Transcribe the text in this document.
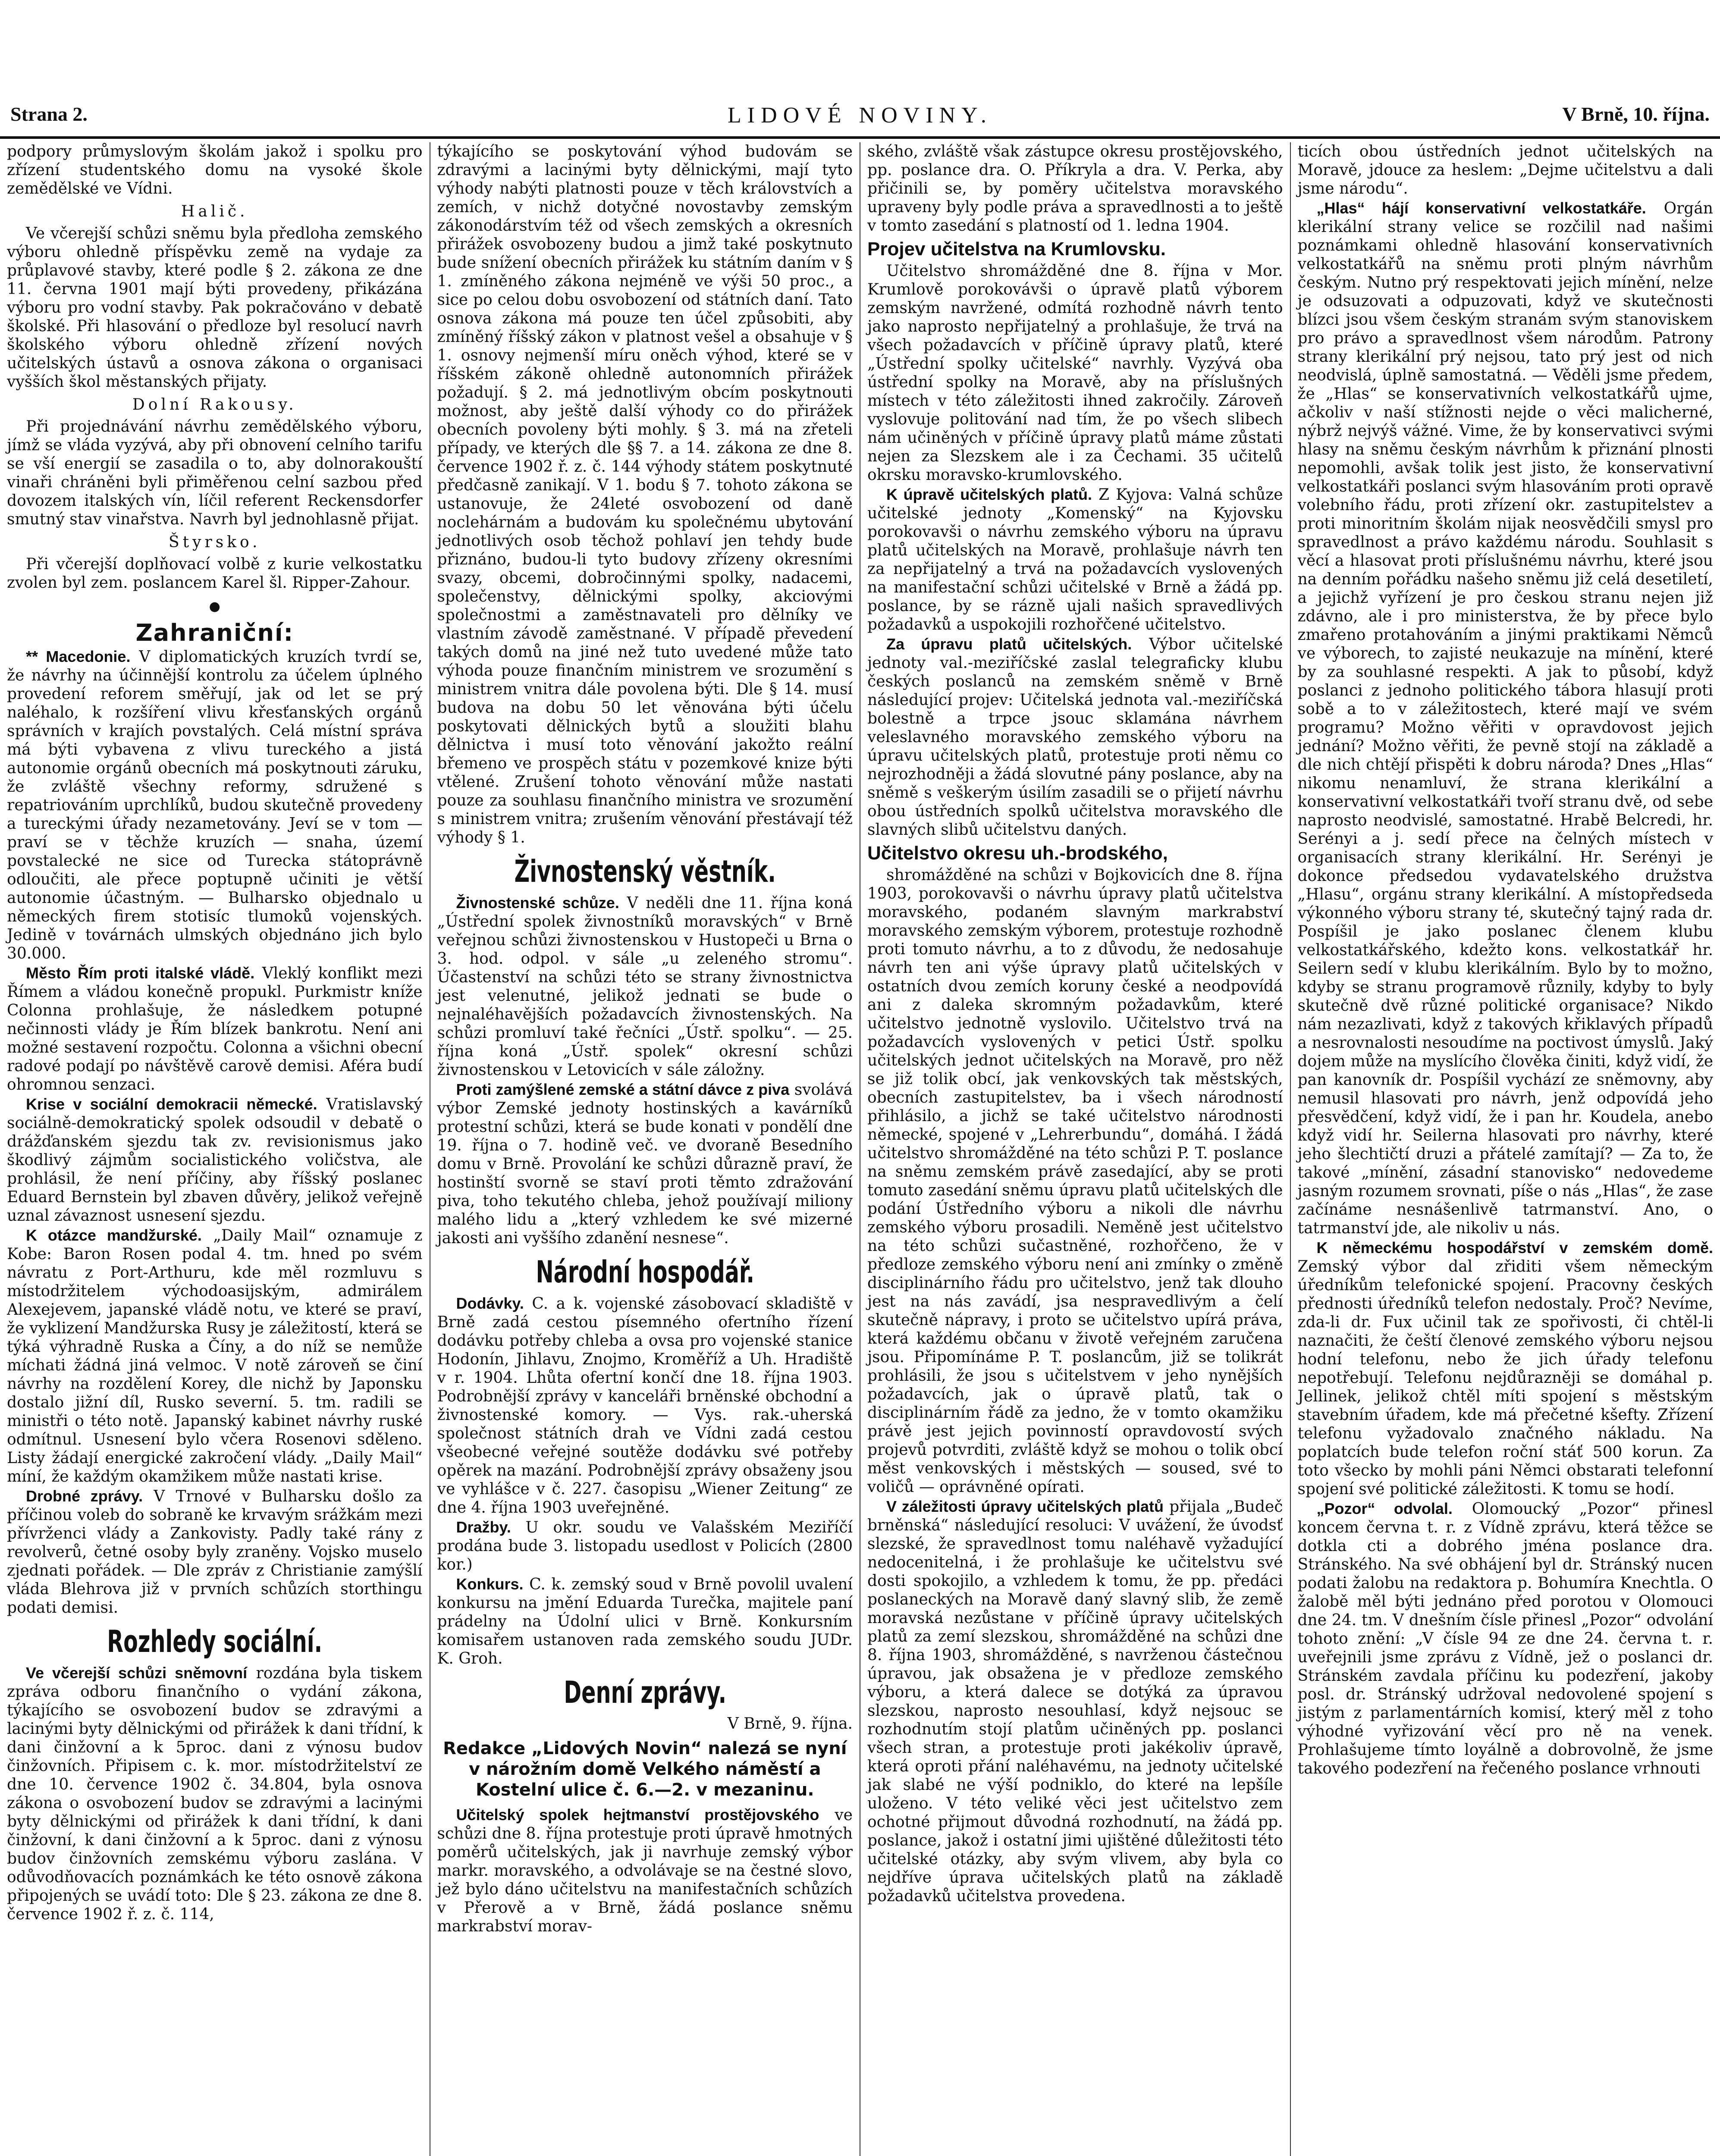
Strana 2.	LIDOVÉ NOVINY.	V Brně, 10. října.

podpory průmyslovým školám jakož i spolku pro zřízení studentského domu na vysoké škole zemědělské ve Vídni.

Halič.

Ve včerejší schůzi sněmu byla předloha zemského výboru ohledně příspěvku země na vydaje za průplavové stavby, které podle § 2. zákona ze dne 11. června 1901 mají býti provedeny, přikázána výboru pro vodní stavby. Pak pokračováno v debatě školské. Při hlasování o předloze byl resolucí navrh školského výboru ohledně zřízení nových učitelských ústavů a osnova zákona o organisaci vyšších škol městanských přijaty.

Dolní Rakousy.

Při projednávání návrhu zemědělského výboru, jímž se vláda vyzývá, aby při obnovení celního tarifu se vší energií se zasadila o to, aby dolnorakouští vinaři chráněni byli přiměřenou celní sazbou před dovozem italských vín, líčil referent Reckensdorfer smutný stav vinařstva. Navrh byl jednohlasně přijat.

Štyrsko.

Při včerejší doplňovací volbě z kurie velkostatku zvolen byl zem. poslancem Karel šl. Ripper-Zahour.

●

Zahraniční:

** Macedonie. V diplomatických kruzích tvrdí se, že návrhy na účinnější kontrolu za účelem úplného provedení reforem směřují, jak od let se prý naléhalo, k rozšíření vlivu křesťanských orgánů správních v krajích povstalých. Celá místní správa má býti vybavena z vlivu tureckého a jistá autonomie orgánů obecních má poskytnouti záruku, že zvláště všechny reformy, sdružené s repatriováním uprchlíků, budou skutečně provedeny a tureckými úřady nezametovány. Jeví se v tom — praví se v těchže kruzích — snaha, území povstalecké ne sice od Turecka státoprávně odloučiti, ale přece poptupně učiniti je větší autonomie účastným. — Bulharsko objednalo u německých firem stotisíc tlumoků vojenských. Jedině v továrnách ulmských objednáno jich bylo 30.000.

Město Řím proti italské vládě. Vleklý konflikt mezi Římem a vládou konečně propukl. Purkmistr kníže Colonna prohlašuje, že následkem potupné nečinnosti vlády je Řím blízek bankrotu. Není ani možné sestavení rozpočtu. Colonna a všichni obecní radové podají po návštěvě carově demisi. Aféra budí ohromnou senzaci.

Krise v sociální demokracii německé. Vratislavský sociálně-demokratický spolek odsoudil v debatě o drážďanském sjezdu tak zv. revisionismus jako škodlivý zájmům socialistického voličstva, ale prohlásil, že není příčiny, aby říšský poslanec Eduard Bernstein byl zbaven důvěry, jelikož veřejně uznal závaznost usnesení sjezdu.

K otázce mandžurské. „Daily Mail“ oznamuje z Kobe: Baron Rosen podal 4. tm. hned po svém návratu z Port-Arthuru, kde měl rozmluvu s místodržitelem východoasijským, admirálem Alexejevem, japanské vládě notu, ve které se praví, že vyklizení Mandžurska Rusy je záležitostí, která se týká výhradně Ruska a Číny, a do níž se nemůže míchati žádná jiná velmoc. V notě zároveň se činí návrhy na rozdělení Korey, dle nichž by Japonsku dostalo jižní díl, Rusko severní. 5. tm. radili se ministři o této notě. Japanský kabinet návrhy ruské odmítnul. Usnesení bylo včera Rosenovi sděleno. Listy žádají energické zakročení vlády. „Daily Mail“ míní, že každým okamžikem může nastati krise.

Drobné zprávy. V Trnové v Bulharsku došlo za příčinou voleb do sobraně ke krvavým srážkám mezi přívrženci vlády a Zankovisty. Padly také rány z revolverů, četné osoby byly zraněny. Vojsko muselo zjednati pořádek. — Dle zpráv z Christianie zamýšlí vláda Blehrova již v prvních schůzích storthingu podati demisi.

Rozhledy sociální.

Ve včerejší schůzi sněmovní rozdána byla tiskem zpráva odboru finančního o vydání zákona, týkajícího se osvobození budov se zdravými a lacinými byty dělnickými od přirážek k dani třídní, k dani činžovní a k 5proc. dani z výnosu budov činžovních. Připisem c. k. mor. místodržitelství ze dne 10. července 1902 č. 34.804, byla osnova zákona o osvobození budov se zdravými a lacinými byty dělnickými od přirážek k dani třídní, k dani činžovní, k dani činžovní a k 5proc. dani z výnosu budov činžovních zemskému výboru zaslána. V odůvodňovacích poznámkách ke této osnově zákona připojených se uvádí toto: Dle § 23. zákona ze dne 8. července 1902 ř. z. č. 114,

týkajícího se poskytování výhod budovám se zdravými a lacinými byty dělnickými, mají tyto výhody nabýti platnosti pouze v těch královstvích a zemích, v nichž dotyčné novostavby zemským zákonodárstvím též od všech zemských a okresních přirážek osvobozeny budou a jimž také poskytnuto bude snížení obecních přirážek ku státním daním v § 1. zmíněného zákona nejméně ve výši 50 proc., a sice po celou dobu osvobození od státních daní. Tato osnova zákona má pouze ten účel způsobiti, aby zmíněný říšský zákon v platnost vešel a obsahuje v § 1. osnovy nejmenší míru oněch výhod, které se v říšském zákoně ohledně autonomních přirážek požadují. § 2. má jednotlivým obcím poskytnouti možnost, aby ještě další výhody co do přirážek obecních povoleny býti mohly. § 3. má na zřeteli případy, ve kterých dle §§ 7. a 14. zákona ze dne 8. července 1902 ř. z. č. 144 výhody státem poskytnuté předčasně zanikají. V 1. bodu § 7. tohoto zákona se ustanovuje, že 24leté osvobození od daně noclehárnám a budovám ku společnému ubytování jednotlivých osob těchož pohlaví jen tehdy bude přiznáno, budou-li tyto budovy zřízeny okresními svazy, obcemi, dobročinnými spolky, nadacemi, společenstvy, dělnickými spolky, akciovými společnostmi a zaměstnavateli pro dělníky ve vlastním závodě zaměstnané. V případě převedení takých domů na jiné než tuto uvedené může tato výhoda pouze finančním ministrem ve srozumění s ministrem vnitra dále povolena býti. Dle § 14. musí budova na dobu 50 let věnována býti účelu poskytovati dělnických bytů a sloužiti blahu dělnictva i musí toto věnování jakožto reální břemeno ve prospěch státu v pozemkové knize býti vtělené. Zrušení tohoto věnování může nastati pouze za souhlasu finančního ministra ve srozumění s ministrem vnitra; zrušením věnování přestávají též výhody § 1.

Živnostenský věstník.

Živnostenské schůze. V neděli dne 11. října koná „Ústřední spolek živnostníků moravských“ v Brně veřejnou schůzi živnostenskou v Hustopeči u Brna o 3. hod. odpol. v sále „u zeleného stromu“. Účastenství na schůzi této se strany živnostnictva jest velenutné, jelikož jednati se bude o nejnaléhavějších požadavcích živnostenských. Na schůzi promluví také řečníci „Ústř. spolku“. — 25. října koná „Ústř. spolek“ okresní schůzi živnostenskou v Letovicích v sále záložny.

Proti zamýšlené zemské a státní dávce z piva svolává výbor Zemské jednoty hostinských a kavárníků protestní schůzi, která se bude konati v pondělí dne 19. října o 7. hodině več. ve dvoraně Besedního domu v Brně. Provolání ke schůzi důrazně praví, že hostinští svorně se staví proti těmto zdražování piva, toho tekutého chleba, jehož používají miliony malého lidu a „který vzhledem ke své mizerné jakosti ani vyššího zdanění nesnese“.

Národní hospodář.

Dodávky. C. a k. vojenské zásobovací skladiště v Brně zadá cestou písemného ofertního řízení dodávku potřeby chleba a ovsa pro vojenské stanice Hodonín, Jihlavu, Znojmo, Kroměříž a Uh. Hradiště v r. 1904. Lhůta ofertní končí dne 18. října 1903. Podrobnější zprávy v kanceláři brněnské obchodní a živnostenské komory. — Vys. rak.-uherská společnost státních drah ve Vídni zadá cestou všeobecné veřejné soutěže dodávku své potřeby opěrek na mazání. Podrobnější zprávy obsaženy jsou ve vyhlášce v č. 227. časopisu „Wiener Zeitung“ ze dne 4. října 1903 uveřejněné.

Dražby. U okr. soudu ve Valašském Meziříčí prodána bude 3. listopadu usedlost v Policích (2800 kor.)

Konkurs. C. k. zemský soud v Brně povolil uvalení konkursu na jmění Eduarda Turečka, majitele paní prádelny na Údolní ulici v Brně. Konkursním komisařem ustanoven rada zemského soudu JUDr. K. Groh.

Denní zprávy.

V Brně, 9. října.

Redakce „Lidových Novin“ nalezá se nyní v nárožním domě Velkého náměstí a Kostelní ulice č. 6.—2. v mezaninu.

Učitelský spolek hejtmanství prostějovského ve schůzi dne 8. října protestuje proti úpravě hmotných poměrů učitelských, jak ji navrhuje zemský výbor markr. moravského, a odvolávaje se na čestné slovo, jež bylo dáno učitelstvu na manifestačních schůzích v Přerově a v Brně, žádá poslance sněmu markrabství morav-

ského, zvláště však zástupce okresu prostějovského, pp. poslance drа. O. Příkryla a drа. V. Perka, aby přičinili se, by poměry učitelstva moravského upraveny byly podle práva a spravedlnosti a to ještě v tomto zasedání s platností od 1. ledna 1904.

Projev učitelstva na Krumlovsku.

Učitelstvo shromážděné dne 8. října v Mor. Krumlově porokovávši o úpravě platů výborem zemským navržené, odmítá rozhodně návrh tento jako naprosto nepřijatelný a prohlašuje, že trvá na všech požadavcích v příčině úpravy platů, které „Ústřední spolky učitelské“ navrhly. Vyzývá oba ústřední spolky na Moravě, aby na příslušných místech v této záležitosti ihned zakročily. Zároveň vyslovuje politování nad tím, že po všech slibech nám učiněných v příčině úpravy platů máme zůstati nejen za Slezskem ale i za Čechami. 35 učitelů okrsku moravsko-krumlovského.

K úpravě učitelských platů. Z Kyjova: Valná schůze učitelské jednoty „Komenský“ na Kyjovsku porokovavši o návrhu zemského výboru na úpravu platů učitelských na Moravě, prohlašuje návrh ten za nepřijatelný a trvá na požadavcích vyslovených na manifestační schůzi učitelské v Brně a žádá pp. poslance, by se rázně ujali našich spravedlivých požadavků a uspokojili rozhořčené učitelstvo.

Za úpravu platů učitelských. Výbor učitelské jednoty val.-meziříčské zaslal telegraficky klubu českých poslanců na zemském sněmě v Brně následující projev: Učitelská jednota val.-meziříčská bolestně a trpce jsouc sklamána návrhem veleslavného moravského zemského výboru na úpravu učitelských platů, protestuje proti němu co nejrozhodněji a žádá slovutné pány poslance, aby na sněmě s veškerým úsilím zasadili se o přijetí návrhu obou ústředních spolků učitelstva moravského dle slavných slibů učitelstvu daných.

Učitelstvo okresu uh.-brodského,

shromážděné na schůzi v Bojkovicích dne 8. října 1903, porokovavši o návrhu úpravy platů učitelstva moravského, podaném slavným markrabství moravského zemským výborem, protestuje rozhodně proti tomuto návrhu, a to z důvodu, že nedosahuje návrh ten ani výše úpravy platů učitelských v ostatních dvou zemích koruny české a neodpovídá ani z daleka skromným požadavkům, které učitelstvo jednotně vyslovilo. Učitelstvo trvá na požadavcích vyslovených v petici Ústř. spolku učitelských jednot učitelských na Moravě, pro něž se již tolik obcí, jak venkovských tak městských, obecních zastupitelstev, ba i všech národností přihlásilo, a jichž se také učitelstvo národnosti německé, spojené v „Lehrerbundu“, domáhá. I žádá učitelstvo shromážděné na této schůzi P. T. poslance na sněmu zemském právě zasedající, aby se proti tomuto zasedání sněmu úpravu platů učitelských dle podání Ústředního výboru a nikoli dle návrhu zemského výboru prosadili. Neměně jest učitelstvo na této schůzi sučastněné, rozhořčeno, že v předloze zemského výboru není ani zmínky o změně disciplinárního řádu pro učitelstvo, jenž tak dlouho jest na nás zavádí, jsa nespravedlivým a čelí skutečně nápravy, i proto se učitelstvo upírá práva, která každému občanu v životě veřejném zaručena jsou. Připomínáme P. T. poslancům, již se tolikrát prohlásili, že jsou s učitelstvem v jeho nynějších požadavcích, jak o úpravě platů, tak o disciplinárním řádě za jedno, že v tomto okamžiku právě jest jejich povinností opravdovostí svých projevů potvrditi, zvláště když se mohou o tolik obcí měst venkovských i městských — soused, své to voličů — oprávněné opírati.

V záležitosti úpravy učitelských platů přijala „Budeč brněnská“ následující resoluci: V uvážení, že úvodsť slezské, že spravedlnost tomu naléhavě vyžadující nedocenitelná, i že prohlašuje ke učitelstvu své dosti spokojilo, a vzhledem k tomu, že pp. předáci poslaneckých na Moravě daný slavný slib, že země moravská nezůstane v příčině úpravy učitelských platů za zemí slezskou, shromážděné na schůzi dne 8. října 1903, shromážděné, s navrženou částečnou úpravou, jak obsažena je v předloze zemského výboru, a která dalece se dotýká za úpravou slezskou, naprosto nesouhlasí, když nejsouc se rozhodnutím stojí platům učiněných pp. poslanci všech stran, a protestuje proti jakékoliv úpravě, která oproti přání naléhavému, na jednoty učitelské jak slabé ne výší podniklo, do které na lepšíle uloženo. V této veliké věci jest učitelstvo zem ochotné přijmout důvodná rozhodnutí, na žádá pp. poslance, jakož i ostatní jimi ujištěné důležitosti této učitelské otázky, aby svým vlivem, aby byla co nejdříve úprava učitelských platů na základě požadavků učitelstva provedena.

ticích obou ústředních jednot učitelských na Moravě, jdouce za heslem: „Dejme učitelstvu a dali jsme národu“.

„Hlas“ hájí konservativní velkostatkáře. Orgán klerikální strany velice se rozčilil nad našimi poznámkami ohledně hlasování konservativních velkostatkářů na sněmu proti plným návrhům českým. Nutno prý respektovati jejich mínění, nelze je odsuzovati a odpuzovati, když ve skutečnosti blízci jsou všem českým stranám svým stanoviskem pro právo a spravedlnost všem národům. Patrony strany klerikální prý nejsou, tato prý jest od nich neodvislá, úplně samostatná. — Věděli jsme předem, že „Hlas“ se konservativních velkostatkářů ujme, ačkoliv v naší stížnosti nejde o věci malicherné, nýbrž nejvýš vážné. Vime, že by konservativci svými hlasy na sněmu českým návrhům k přiznání plnosti nepomohli, avšak tolik jest jisto, že konservativní velkostatkáři poslanci svým hlasováním proti opravě volebního řádu, proti zřízení okr. zastupitelstev a proti minoritním školám nijak neosvědčili smysl pro spravedlnost a právo každému národu. Souhlasit s věcí a hlasovat proti příslušnému návrhu, které jsou na denním pořádku našeho sněmu již celá desetiletí, a jejichž vyřízení je pro českou stranu nejen již zdávno, ale i pro ministerstva, že by přece bylo zmařeno protahováním a jinými praktikami Němců ve výborech, to zajisté neukazuje na mínění, které by za souhlasné respekti. A jak to působí, když poslanci z jednoho politického tábora hlasují proti sobě a to v záležitostech, které mají ve svém programu? Možno věřiti v opravdovost jejich jednání? Možno věřiti, že pevně stojí na základě a dle nich chtějí přispěti k dobru národa? Dnes „Hlas“ nikomu nenamluví, že strana klerikální a konservativní velkostatkáři tvoří stranu dvě, od sebe naprosto neodvislé, samostatné. Hrabě Belcredi, hr. Serényi a j. sedí přece na čelných místech v organisacích strany klerikální. Hr. Serényi je dokonce předsedou vydavatelského družstva „Hlasu“, orgánu strany klerikální. A místopředseda výkonného výboru strany té, skutečný tajný rada dr. Pospíšil je jako poslanec členem klubu velkostatkářského, kdežto kons. velkostatkář hr. Seilern sedí v klubu klerikálním. Bylo by to možno, kdyby se stranu programově různily, kdyby to byly skutečně dvě různé politické organisace? Nikdo nám nezazlivati, když z takových křiklavých případů a nesrovnalosti nesoudíme na poctivost úmyslů. Jaký dojem může na myslícího člověka činiti, když vidí, že pan kanovník dr. Pospíšil vychází ze sněmovny, aby nemusil hlasovati pro návrh, jenž odpovídá jeho přesvědčení, když vidí, že i pan hr. Koudela, anebo když vidí hr. Seilerna hlasovati pro návrhy, které jeho šlechtičtí druzi a přátelé zamítají? — Za to, že takové „mínění, zásadní stanovisko“ nedovedeme jasným rozumem srovnati, píše o nás „Hlas“, že zase začínáme nesnášenlivě tatrmanství. Ano, o tatrmanství jde, ale nikoliv u nás.

K německému hospodářství v zemském domě. Zemský výbor dal zřiditi všem německým úředníkům telefonické spojení. Pracovny českých přednosti úředníků telefon nedostaly. Proč? Nevíme, zda-li dr. Fux učinil tak ze spořivosti, či chtěl-li naznačiti, že čeští členové zemského výboru nejsou hodní telefonu, nebo že jich úřady telefonu nepotřebují. Telefonu nejdůrazněji se domáhal p. Jellinek, jelikož chtěl míti spojení s městským stavebním úřadem, kde má přečetné kšefty. Zřízení telefonu vyžadovalo značného nákladu. Na poplatcích bude telefon roční stáť 500 korun. Za toto všecko by mohli páni Němci obstarati telefonní spojení své politické záležitosti. K tomu se hodí.

„Pozor“ odvolal. Olomoucký „Pozor“ přinesl koncem června t. r. z Vídně zprávu, která těžce se dotkla cti a dobrého jména poslance drа. Stránského. Na své obhájení byl dr. Stránský nucen podati žalobu na redaktora p. Bohumíra Knechtla. O žalobě měl býti jednáno před porotou v Olomouci dne 24. tm. V dnešním čísle přinesl „Pozor“ odvolání tohoto znění: „V čísle 94 ze dne 24. června t. r. uveřejnili jsme zprávu z Vídně, jež o poslanci dr. Stránském zavdala příčinu ku podezření, jakoby posl. dr. Stránský udržoval nedovolené spojení s jistým z parlamentárních komisí, který měl z toho výhodné vyřizování věcí pro ně na venek. Prohlašujeme tímto loyálně a dobrovolně, že jsme takového podezření na řečeného poslance vrhnouti
